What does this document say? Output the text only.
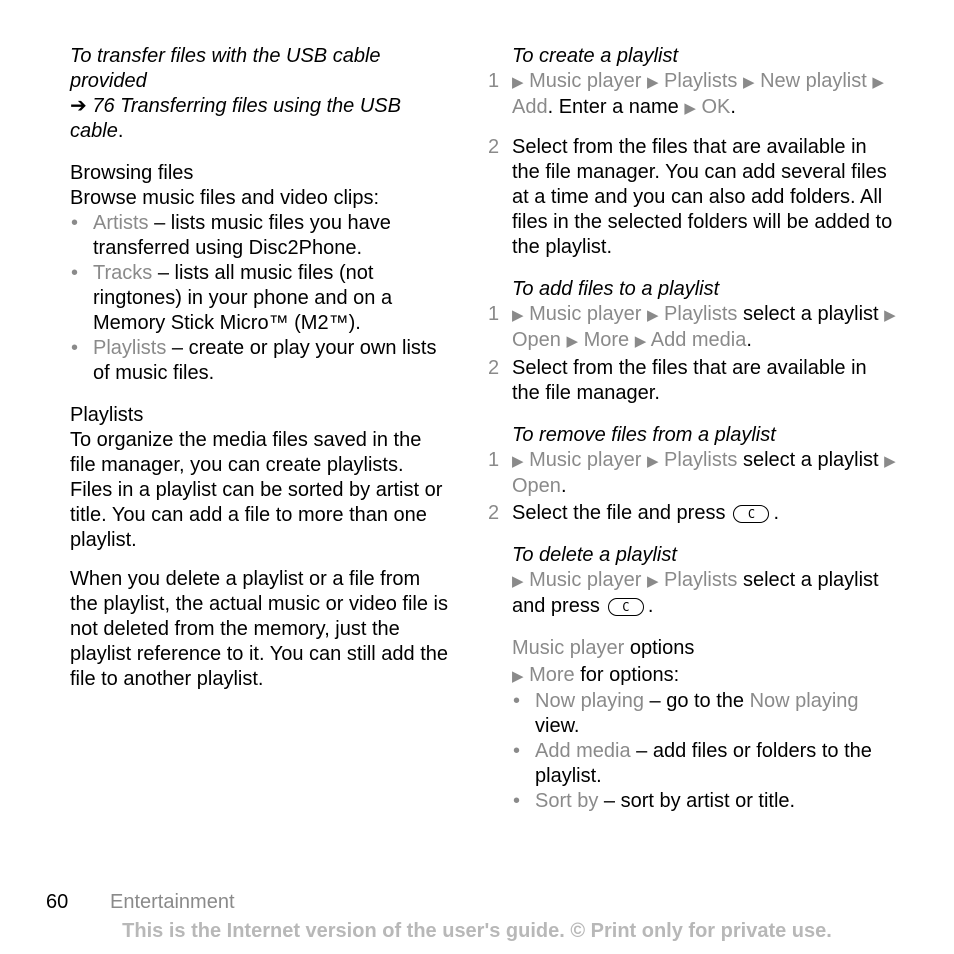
To transfer files with the USB cable provided

➔ 76 Transferring files using the USB cable.

Browsing files

Browse music files and video clips:

• Artists – lists music files you have transferred using Disc2Phone.
• Tracks – lists all music files (not ringtones) in your phone and on a Memory Stick Micro™ (M2™).
• Playlists – create or play your own lists of music files.
Playlists

To organize the media files saved in the file manager, you can create playlists. Files in a playlist can be sorted by artist or title. You can add a file to more than one playlist.

When you delete a playlist or a file from the playlist, the actual music or video file is not deleted from the memory, just the playlist reference to it. You can still add the file to another playlist.

To create a playlist

1 ▶ Music player ▶ Playlists ▶ New playlist ▶ Add. Enter a name ▶ OK.
2 Select from the files that are available in the file manager. You can add several files at a time and you can also add folders. All files in the selected folders will be added to the playlist.

To add files to a playlist

1 ▶ Music player ▶ Playlists select a playlist ▶ Open ▶ More ▶ Add media.
2 Select from the files that are available in the file manager.

To remove files from a playlist

1 ▶ Music player ▶ Playlists select a playlist ▶ Open.
2 Select the file and press C .

To delete a playlist

▶ Music player ▶ Playlists select a playlist and press C .

Music player options

▶ More for options:
• Now playing – go to the Now playing view.
• Add media – add files or folders to the playlist.
• Sort by – sort by artist or title.
60 Entertainment
This is the Internet version of the user's guide. © Print only for private use.
